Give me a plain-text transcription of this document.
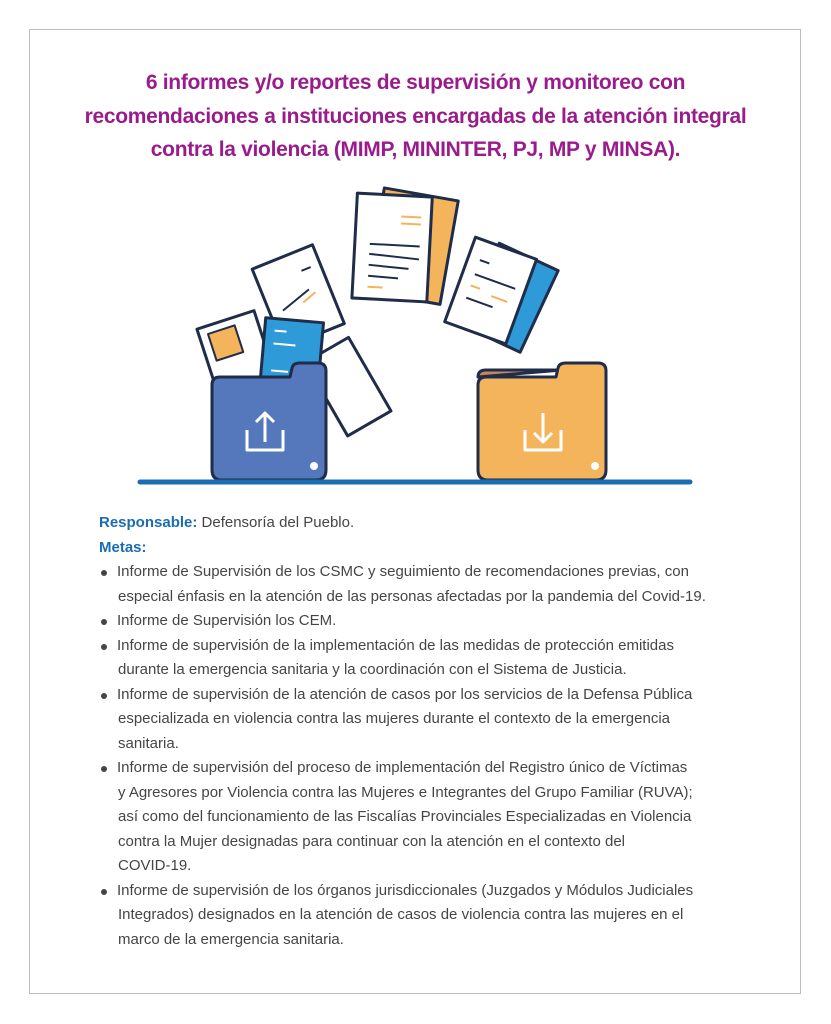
6 informes y/o reportes de supervisión y monitoreo con
recomendaciones a instituciones encargadas de la atención integral
contra la violencia (MIMP, MININTER, PJ, MP y MINSA).
Responsable: Defensoría del Pueblo.
Metas:
Informe de Supervisión de los CSMC y seguimiento de recomendaciones previas, con
especial énfasis en la atención de las personas afectadas por la pandemia del Covid-19.
Informe de Supervisión los CEM.
Informe de supervisión de la implementación de las medidas de protección emitidas
durante la emergencia sanitaria y la coordinación con el Sistema de Justicia.
Informe de supervisión de la atención de casos por los servicios de la Defensa Pública
especializada en violencia contra las mujeres durante el contexto de la emergencia
sanitaria.
Informe de supervisión del proceso de implementación del Registro único de Víctimas
y Agresores por Violencia contra las Mujeres e Integrantes del Grupo Familiar (RUVA);
así como del funcionamiento de las Fiscalías Provinciales Especializadas en Violencia
contra la Mujer designadas para continuar con la atención en el contexto del
COVID-19.
Informe de supervisión de los órganos jurisdiccionales (Juzgados y Módulos Judiciales
Integrados) designados en la atención de casos de violencia contra las mujeres en el
marco de la emergencia sanitaria.
